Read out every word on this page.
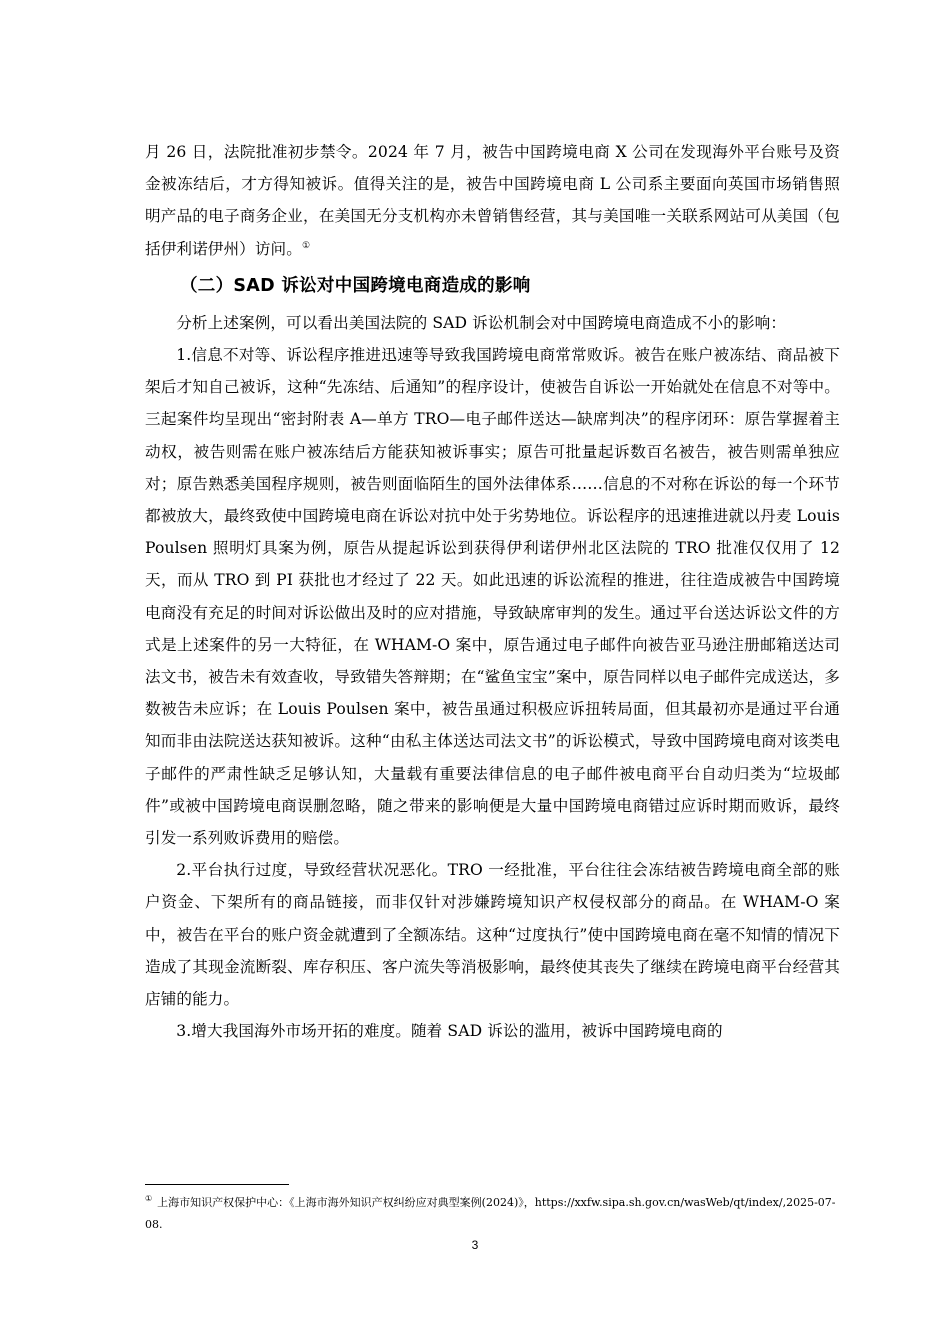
月 26 日，法院批准初步禁令。2024 年 7 月，被告中国跨境电商 X 公司在发现海外平台账号及资金被冻结后，才方得知被诉。值得关注的是，被告中国跨境电商 L 公司系主要面向英国市场销售照明产品的电子商务企业，在美国无分支机构亦未曾销售经营，其与美国唯一关联系网站可从美国（包括伊利诺伊州）访问。①

（二）SAD 诉讼对中国跨境电商造成的影响

分析上述案例，可以看出美国法院的 SAD 诉讼机制会对中国跨境电商造成不小的影响：

1.信息不对等、诉讼程序推进迅速等导致我国跨境电商常常败诉。被告在账户被冻结、商品被下架后才知自己被诉，这种“先冻结、后通知”的程序设计，使被告自诉讼一开始就处在信息不对等中。三起案件均呈现出“密封附表 A—单方 TRO—电子邮件送达—缺席判决”的程序闭环：原告掌握着主动权，被告则需在账户被冻结后方能获知被诉事实；原告可批量起诉数百名被告，被告则需单独应对；原告熟悉美国程序规则，被告则面临陌生的国外法律体系……信息的不对称在诉讼的每一个环节都被放大，最终致使中国跨境电商在诉讼对抗中处于劣势地位。诉讼程序的迅速推进就以丹麦 Louis Poulsen 照明灯具案为例，原告从提起诉讼到获得伊利诺伊州北区法院的 TRO 批准仅仅用了 12 天，而从 TRO 到 PI 获批也才经过了 22 天。如此迅速的诉讼流程的推进，往往造成被告中国跨境电商没有充足的时间对诉讼做出及时的应对措施，导致缺席审判的发生。通过平台送达诉讼文件的方式是上述案件的另一大特征，在 WHAM-O 案中，原告通过电子邮件向被告亚马逊注册邮箱送达司法文书，被告未有效查收，导致错失答辩期；在“鲨鱼宝宝”案中，原告同样以电子邮件完成送达，多数被告未应诉；在 Louis Poulsen 案中，被告虽通过积极应诉扭转局面，但其最初亦是通过平台通知而非由法院送达获知被诉。这种“由私主体送达司法文书”的诉讼模式，导致中国跨境电商对该类电子邮件的严肃性缺乏足够认知，大量载有重要法律信息的电子邮件被电商平台自动归类为“垃圾邮件”或被中国跨境电商误删忽略，随之带来的影响便是大量中国跨境电商错过应诉时期而败诉，最终引发一系列败诉费用的赔偿。

2.平台执行过度，导致经营状况恶化。TRO 一经批准，平台往往会冻结被告跨境电商全部的账户资金、下架所有的商品链接，而非仅针对涉嫌跨境知识产权侵权部分的商品。在 WHAM-O 案中，被告在平台的账户资金就遭到了全额冻结。这种“过度执行”使中国跨境电商在毫不知情的情况下造成了其现金流断裂、库存积压、客户流失等消极影响，最终使其丧失了继续在跨境电商平台经营其店铺的能力。

3.增大我国海外市场开拓的难度。随着 SAD 诉讼的滥用，被诉中国跨境电商的

① 上海市知识产权保护中心：《上海市海外知识产权纠纷应对典型案例(2024)》，https://xxfw.sipa.sh.gov.cn/wasWeb/qt/index/,2025-07-08.
3
